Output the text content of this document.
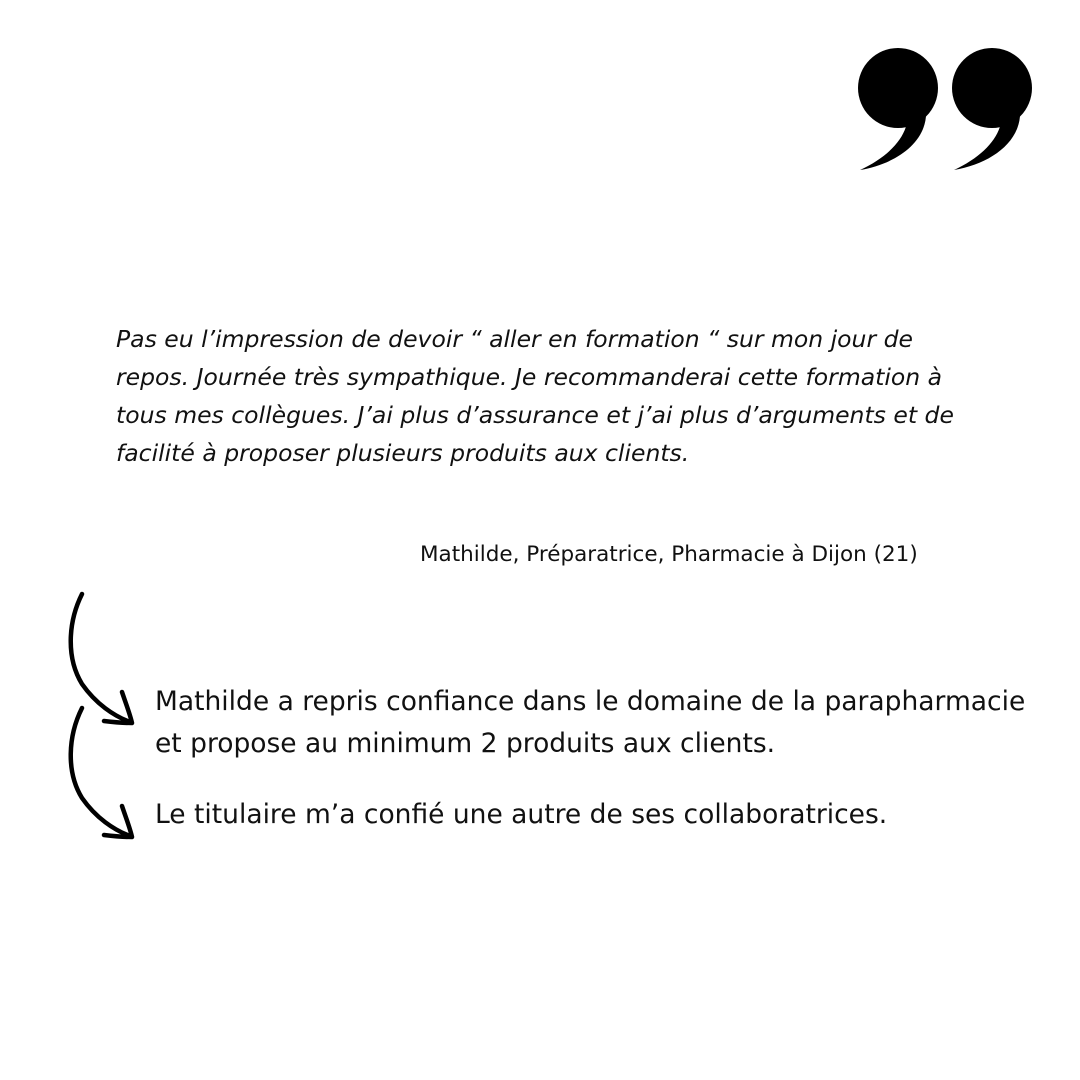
Pas eu l’impression de devoir “ aller en formation “ sur mon jour de repos. Journée très sympathique. Je recommanderai cette formation à tous mes collègues. J’ai plus d’assurance et j’ai plus d’arguments et de facilité à proposer plusieurs produits aux clients.

Mathilde, Préparatrice, Pharmacie à Dijon (21)
Mathilde a repris confiance dans le domaine de la parapharmacie et propose au minimum 2 produits aux clients.
Le titulaire m’a confié une autre de ses collaboratrices.
